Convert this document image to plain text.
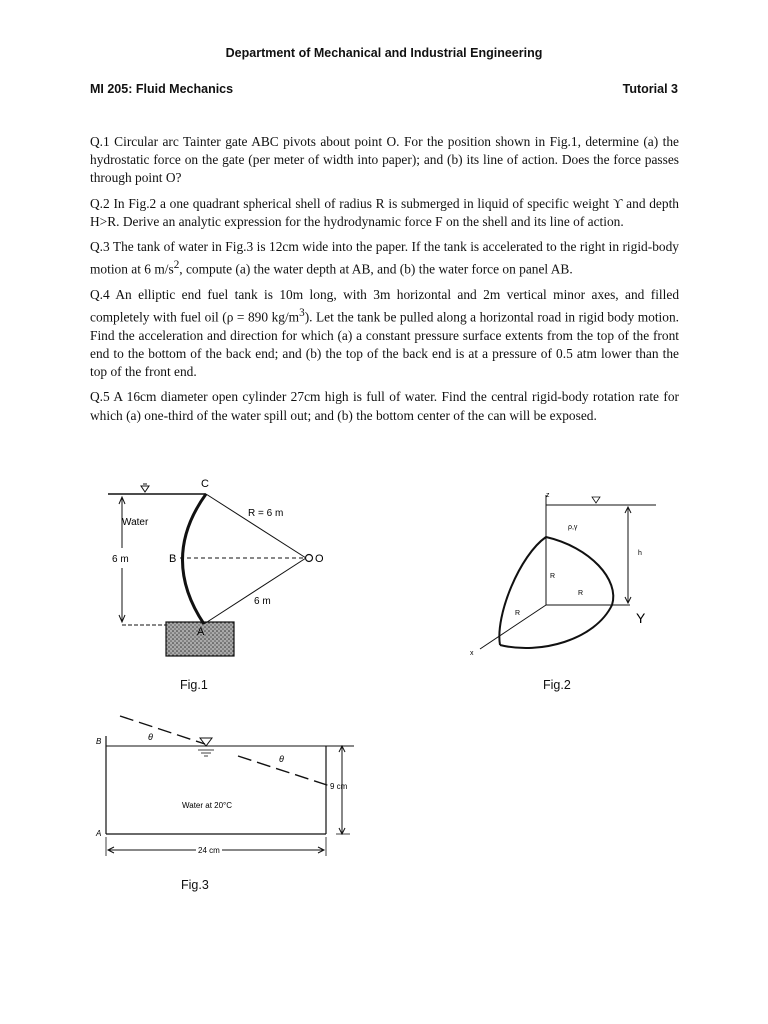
Department of Mechanical and Industrial Engineering
MI 205: Fluid Mechanics	Tutorial 3

Q.1 Circular arc Tainter gate ABC pivots about point O. For the position shown in Fig.1, determine (a) the hydrostatic force on the gate (per meter of width into paper); and (b) its line of action. Does the force passes through point O?

Q.2 In Fig.2 a one quadrant spherical shell of radius R is submerged in liquid of specific weight ϒ and depth H>R. Derive an analytic expression for the hydrodynamic force F on the shell and its line of action.

Q.3 The tank of water in Fig.3 is 12cm wide into the paper. If the tank is accelerated to the right in rigid-body motion at 6 $m/s^2$, compute (a) the water depth at AB, and (b) the water force on panel AB.

Q.4 An elliptic end fuel tank is 10m long, with 3m horizontal and 2m vertical minor axes, and filled completely with fuel oil (ρ = 890 $kg/m^3$). Let the tank be pulled along a horizontal road in rigid body motion. Find the acceleration and direction for which (a) a constant pressure surface extents from the top of the front end to the bottom of the back end; and (b) the top of the back end is at a pressure of 0.5 atm lower than the top of the front end.

Q.5 A 16cm diameter open cylinder 27cm high is full of water. Find the central rigid-body rotation rate for which (a) one-third of the water spill out; and (b) the bottom center of the can will be exposed.

Water
6 m
C
B
A
O
R = 6 m
6 m
Fig.1
z
x
Y
h
ρ,γ
R
R
R
Fig.2
B
A
θ
θ
Water at 20°C
9 cm
24 cm
Fig.3
